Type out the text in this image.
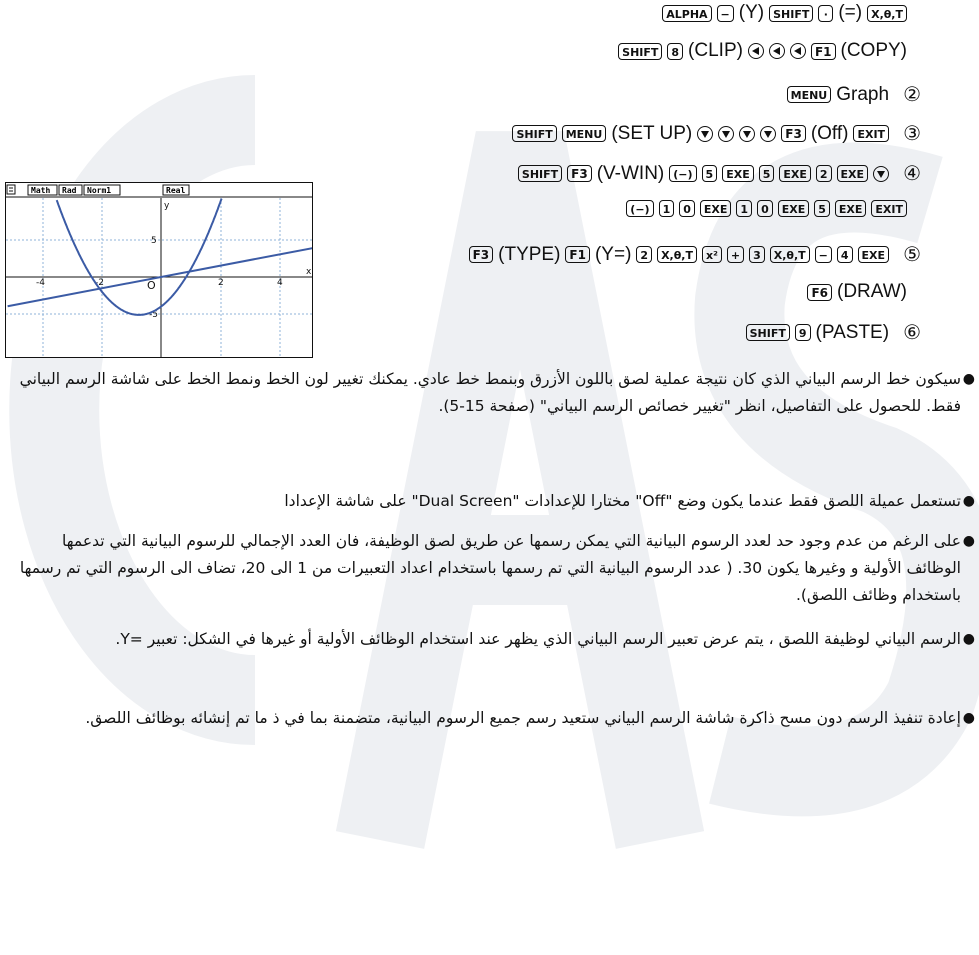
ALPHA	− (Y) SHIFT	· (=) X,θ,T
SHIFT	8 (CLIP)	F1 (COPY)
MENU Graph ②
SHIFT	MENU (SET UP)	F3 (Off) EXIT ③
SHIFT	F3 (V-WIN) (−)	5	EXE	5	EXE	2	EXE ④
(−)	1	0	EXE	1	0	EXE	5	EXE	EXIT
F3 (TYPE) F1 (Y=) 2	X,θ,T	x²	+	3	X,θ,T	−	4	EXE ⑤
F6 (DRAW)
SHIFT	9 (PASTE) ⑥
Math Rad Norm1	Real
y
x
O
5
-5
-4	-2	2	4
●
سيكون خط الرسم البياني الذي كان نتيجة عملية لصق باللون الأزرق وبنمط خط عادي. يمكنك تغيير لون الخط ونمط الخط على شاشة الرسم البياني فقط. للحصول على التفاصيل، انظر "تغيير خصائص الرسم البياني" (صفحة 15-5).
●
تستعمل عميلة اللصق فقط عندما يكون وضع "Off" مختارا للإعدادات "Dual Screen" على شاشة الإعدادا
●
على الرغم من عدم وجود حد لعدد الرسوم البيانية التي يمكن رسمها عن طريق لصق الوظيفة، فان العدد الإجمالي للرسوم البيانية التي تدعمها الوظائف الأولية و وغيرها يكون 30. ( عدد الرسوم البيانية التي تم رسمها باستخدام اعداد التعبيرات من 1 الى 20، تضاف الى الرسوم التي تم رسمها باستخدام وظائف اللصق).
●
الرسم البياني لوظيفة اللصق ، يتم عرض تعبير الرسم البياني الذي يظهر عند استخدام الوظائف الأولية أو غيرها في الشكل: تعبير =Y.
●
إعادة تنفيذ الرسم دون مسح ذاكرة شاشة الرسم البياني ستعيد رسم جميع الرسوم البيانية، متضمنة بما في ذ ما تم إنشائه بوظائف اللصق.
